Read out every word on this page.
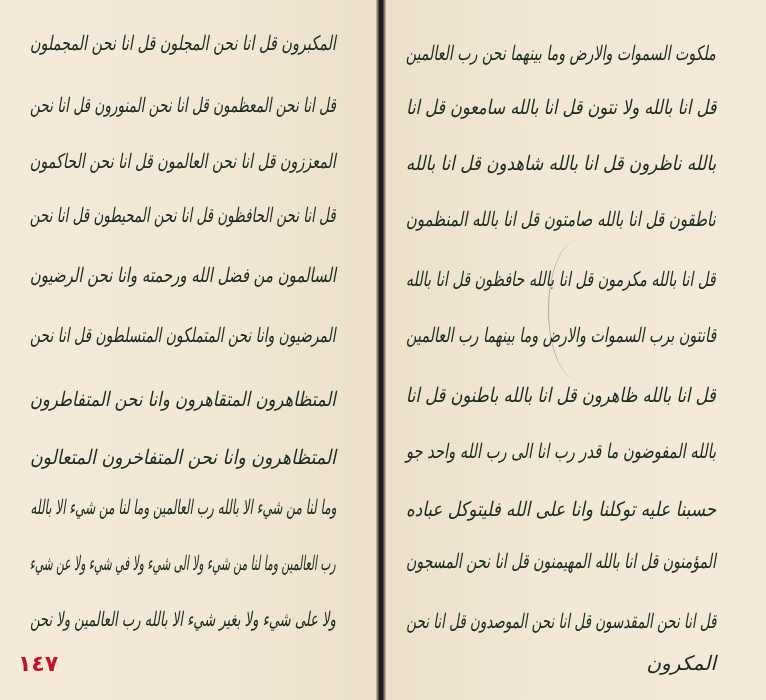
المكبرون قل انا نحن المجلون قل انا نحن المجملون
قل انا نحن المعظمون قل انا نحن المنورون قل انا نحن
المعززون قل انا نحن العالمون قل انا نحن الحاكمون
قل انا نحن الحافظون قل انا نحن المحيطون قل انا نحن
السالمون من فضل الله ورحمته وانا نحن الرضيون
المرضيون وانا نحن المتملكون المتسلطون قل انا نحن
المتظاهرون المتقاهرون وانا نحن المتفاطرون
المتظاهرون وانا نحن المتفاخرون المتعالون
وما لنا من شيء الا بالله رب العالمين وما لنا من شيء الا بالله
رب العالمين وما لنا من شيء ولا الى شيء ولا في شيء ولا عن شيء
ولا على شيء ولا بغير شيء الا بالله رب العالمين ولا نحن
١٤٧
ملكوت السموات والارض وما بينهما نحن رب العالمين
قل انا بالله ولا نتون قل انا بالله سامعون قل انا
بالله ناظرون قل انا بالله شاهدون قل انا بالله
ناطقون قل انا بالله صامتون قل انا بالله المنظمون
قل انا بالله مكرمون قل انا بالله حافظون قل انا بالله
قانتون برب السموات والارض وما بينهما رب العالمين
قل انا بالله ظاهرون قل انا بالله باطنون قل انا
بالله المفوضون ما قدر رب انا الى رب الله واحد جو
حسبنا عليه توكلنا وانا على الله فليتوكل عباده
المؤمنون قل انا بالله المهيمنون قل انا نحن المسجون
قل انا نحن المقدسون قل انا نحن الموصدون قل انا نحن
المكرون
